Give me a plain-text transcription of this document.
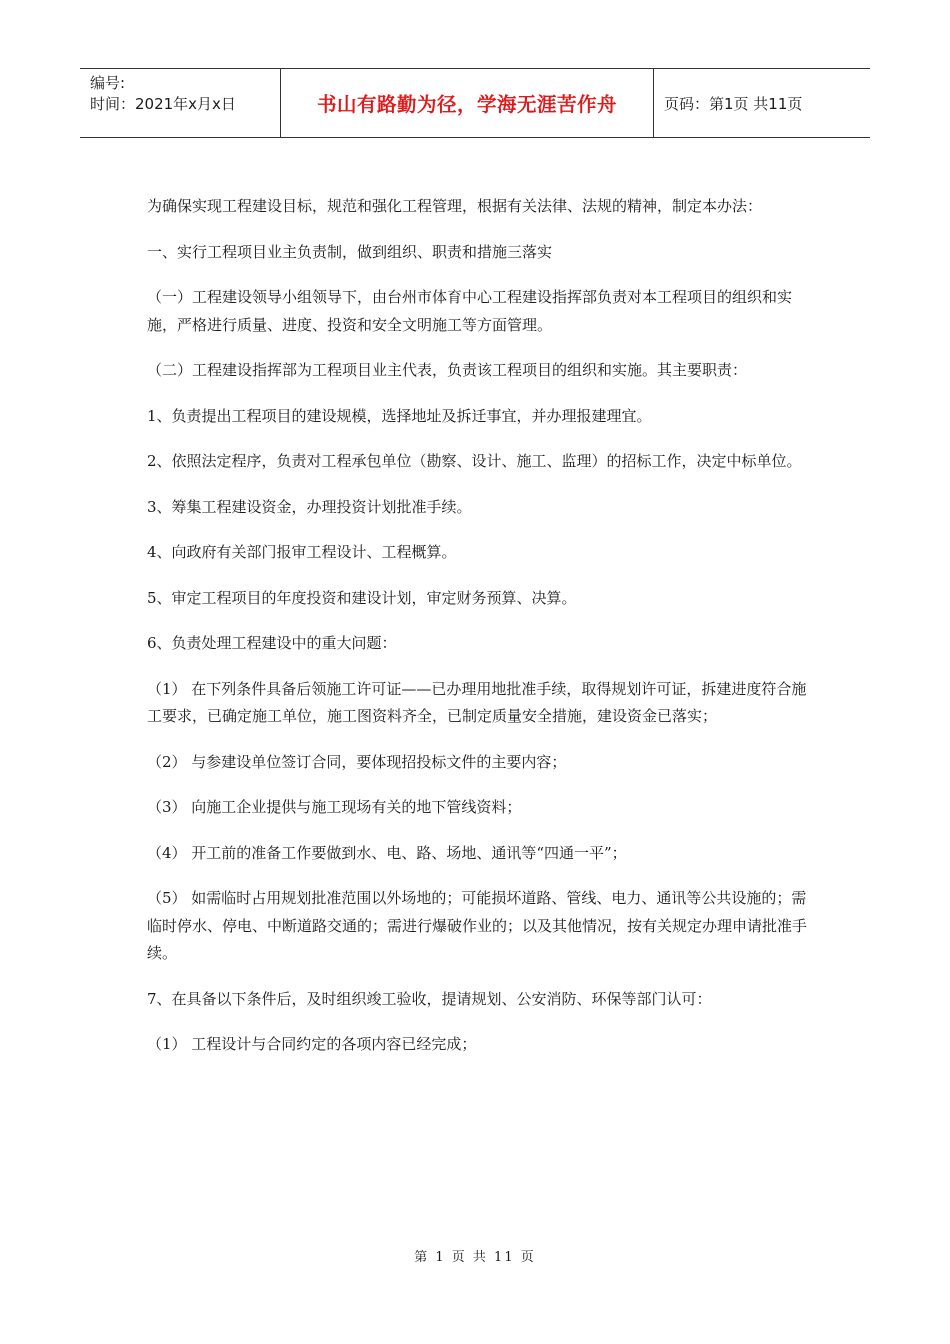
编号:
时间：2021年x月x日	书山有路勤为径，学海无涯苦作舟	页码：第1页 共11页

为确保实现工程建设目标，规范和强化工程管理，根据有关法律、法规的精神，制定本办法：

一、实行工程项目业主负责制，做到组织、职责和措施三落实

（一）工程建设领导小组领导下，由台州市体育中心工程建设指挥部负责对本工程项目的组织和实施，严格进行质量、进度、投资和安全文明施工等方面管理。

（二）工程建设指挥部为工程项目业主代表，负责该工程项目的组织和实施。其主要职责：

1、负责提出工程项目的建设规模，选择地址及拆迁事宜，并办理报建理宜。

2、依照法定程序，负责对工程承包单位（勘察、设计、施工、监理）的招标工作，决定中标单位。

3、筹集工程建设资金，办理投资计划批准手续。

4、向政府有关部门报审工程设计、工程概算。

5、审定工程项目的年度投资和建设计划，审定财务预算、决算。

6、负责处理工程建设中的重大问题：

（1） 在下列条件具备后领施工许可证——已办理用地批准手续，取得规划许可证，拆建进度符合施工要求，已确定施工单位，施工图资料齐全，已制定质量安全措施，建设资金已落实；

（2） 与参建设单位签订合同，要体现招投标文件的主要内容；

（3） 向施工企业提供与施工现场有关的地下管线资料；

（4） 开工前的准备工作要做到水、电、路、场地、通讯等“四通一平”；

（5） 如需临时占用规划批准范围以外场地的；可能损坏道路、管线、电力、通讯等公共设施的；需临时停水、停电、中断道路交通的；需进行爆破作业的；以及其他情况，按有关规定办理申请批准手续。

7、在具备以下条件后，及时组织竣工验收，提请规划、公安消防、环保等部门认可：

（1） 工程设计与合同约定的各项内容已经完成；

第 1 页 共 11 页
